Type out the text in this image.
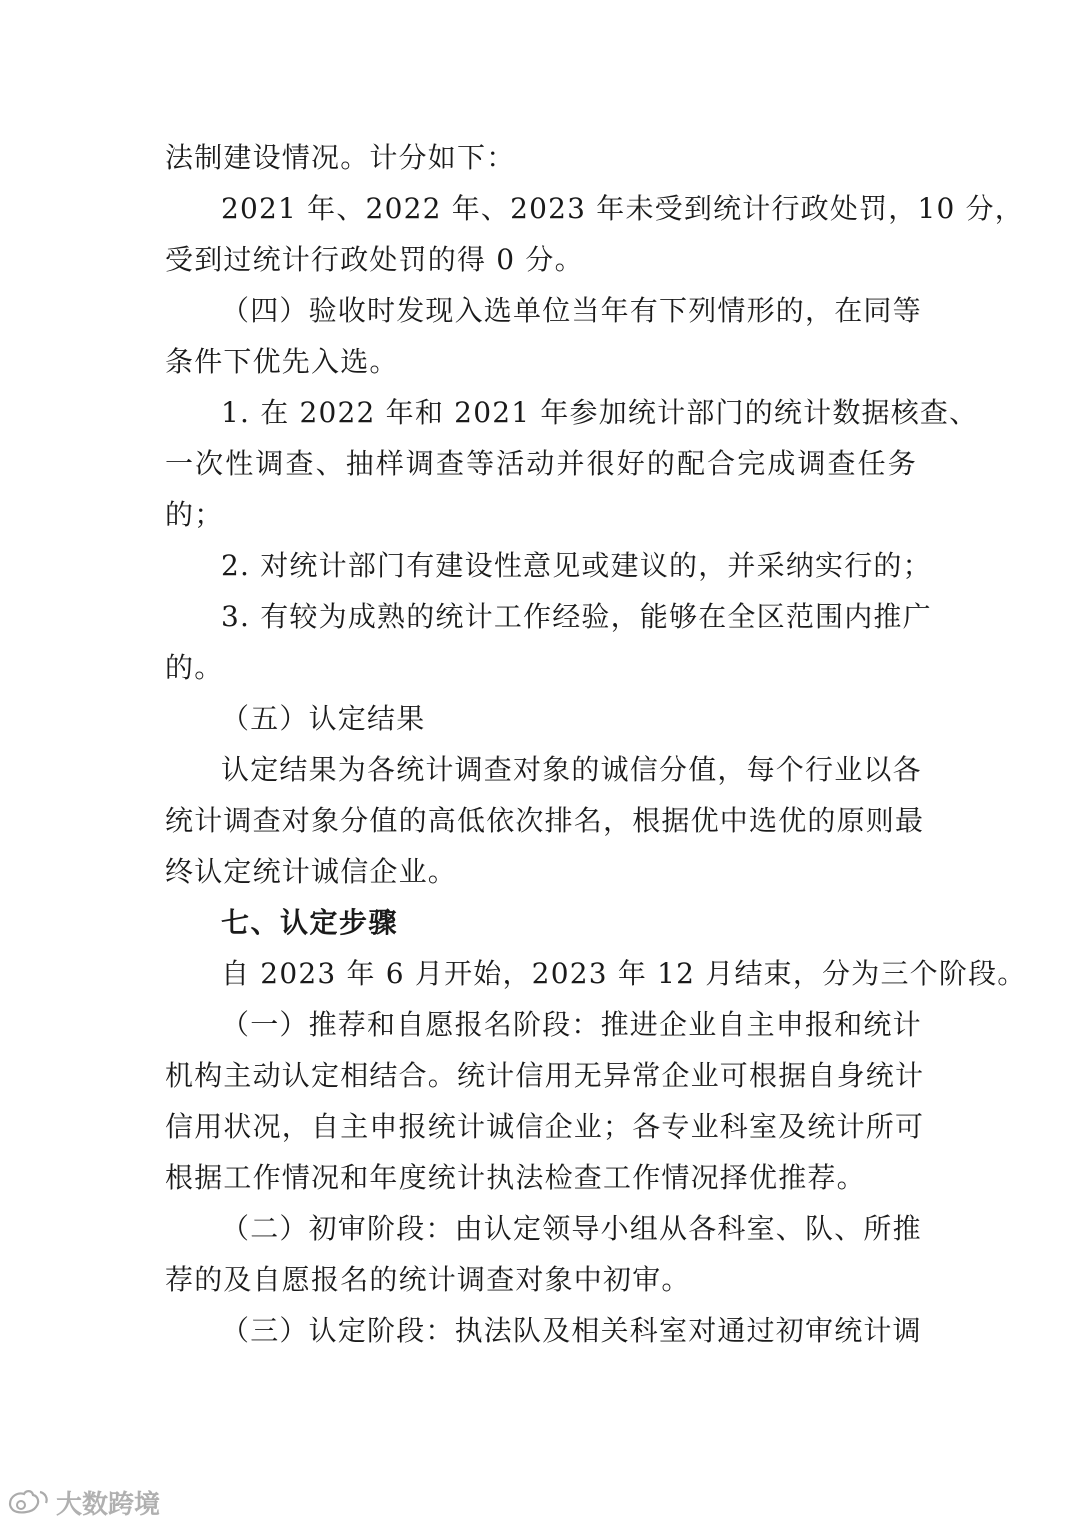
法制建设情况。计分如下：
2021 年、2022 年、2023 年未受到统计行政处罚，10 分，
受到过统计行政处罚的得 0 分。
（四）验收时发现入选单位当年有下列情形的，在同等
条件下优先入选。
1. 在 2022 年和 2021 年参加统计部门的统计数据核查、
一次性调查、抽样调查等活动并很好的配合完成调查任务
的；
2. 对统计部门有建设性意见或建议的，并采纳实行的；
3. 有较为成熟的统计工作经验，能够在全区范围内推广
的。
（五）认定结果
认定结果为各统计调查对象的诚信分值，每个行业以各
统计调查对象分值的高低依次排名，根据优中选优的原则最
终认定统计诚信企业。
七、认定步骤
自 2023 年 6 月开始，2023 年 12 月结束，分为三个阶段。
（一）推荐和自愿报名阶段：推进企业自主申报和统计
机构主动认定相结合。统计信用无异常企业可根据自身统计
信用状况，自主申报统计诚信企业；各专业科室及统计所可
根据工作情况和年度统计执法检查工作情况择优推荐。
（二）初审阶段：由认定领导小组从各科室、队、所推
荐的及自愿报名的统计调查对象中初审。
（三）认定阶段：执法队及相关科室对通过初审统计调
大数跨境
